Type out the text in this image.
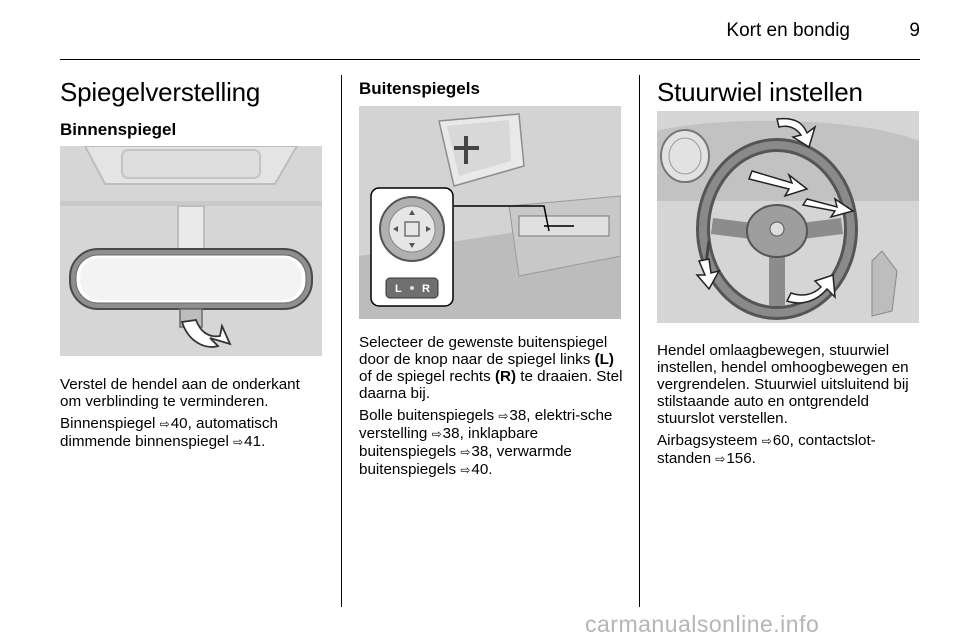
Kort en bondig	9
Spiegelverstelling
Binnenspiegel

Verstel de hendel aan de onderkant om verblinding te verminderen.

Binnenspiegel ⇨ 40, automatisch dimmende binnenspiegel ⇨ 41.

Buitenspiegels
L R

Selecteer de gewenste buitenspiegel door de knop naar de spiegel links (L) of de spiegel rechts (R) te draaien. Stel daarna bij.

Bolle buitenspiegels ⇨ 38, elektri-sche verstelling ⇨ 38, inklapbare buitenspiegels ⇨ 38, verwarmde buitenspiegels ⇨ 40.

Stuurwiel instellen

Hendel omlaagbewegen, stuurwiel instellen, hendel omhoogbewegen en vergrendelen. Stuurwiel uitsluitend bij stilstaande auto en ontgrendeld stuurslot verstellen.

Airbagsysteem ⇨ 60, contactslot-standen ⇨ 156.

carmanualsonline.info
